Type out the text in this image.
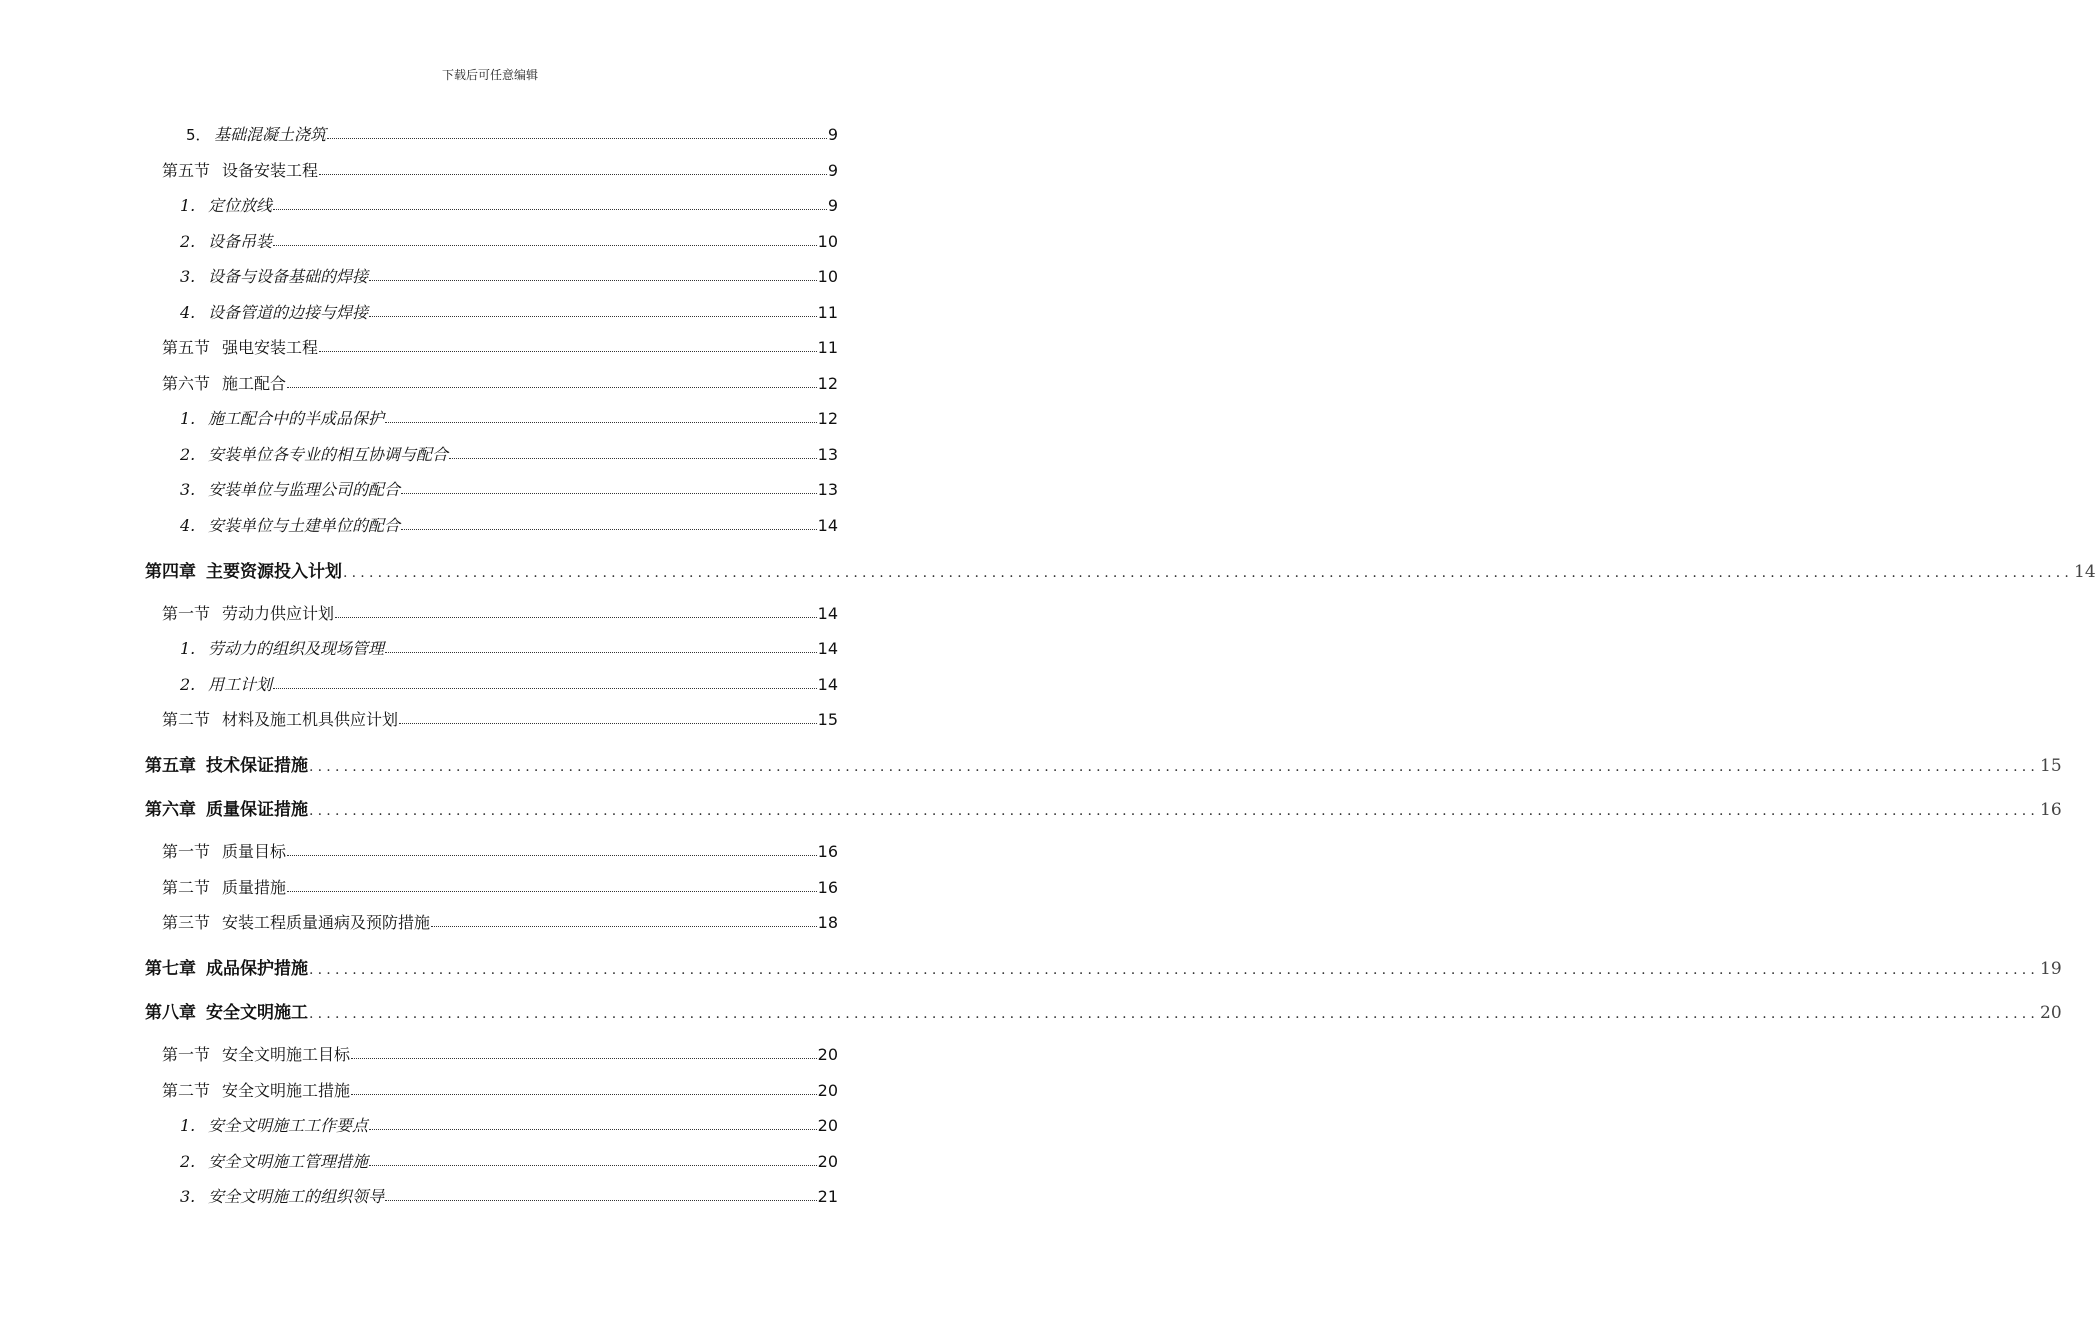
下载后可任意编辑
5． 基础混凝土浇筑	9
第五节 设备安装工程	9
1. 定位放线	9
2. 设备吊装	10
3. 设备与设备基础的焊接	10
4. 设备管道的边接与焊接	11
第五节 强电安装工程	11
第六节 施工配合	12
1. 施工配合中的半成品保护	12
2. 安装单位各专业的相互协调与配合	13
3. 安装单位与监理公司的配合	13
4. 安装单位与土建单位的配合	14
第四章 主要资源投入计划 ........................................................................................................................................................................................................ 14
第一节 劳动力供应计划	14
1. 劳动力的组织及现场管理	14
2. 用工计划	14
第二节 材料及施工机具供应计划	15
第五章 技术保证措施 ........................................................................................................................................................................................................ 15
第六章 质量保证措施 ........................................................................................................................................................................................................ 16
第一节 质量目标	16
第二节 质量措施	16
第三节 安装工程质量通病及预防措施	18
第七章 成品保护措施 ........................................................................................................................................................................................................ 19
第八章 安全文明施工 ........................................................................................................................................................................................................ 20
第一节 安全文明施工目标	20
第二节 安全文明施工措施	20
1. 安全文明施工工作要点	20
2. 安全文明施工管理措施	20
3. 安全文明施工的组织领导	21
